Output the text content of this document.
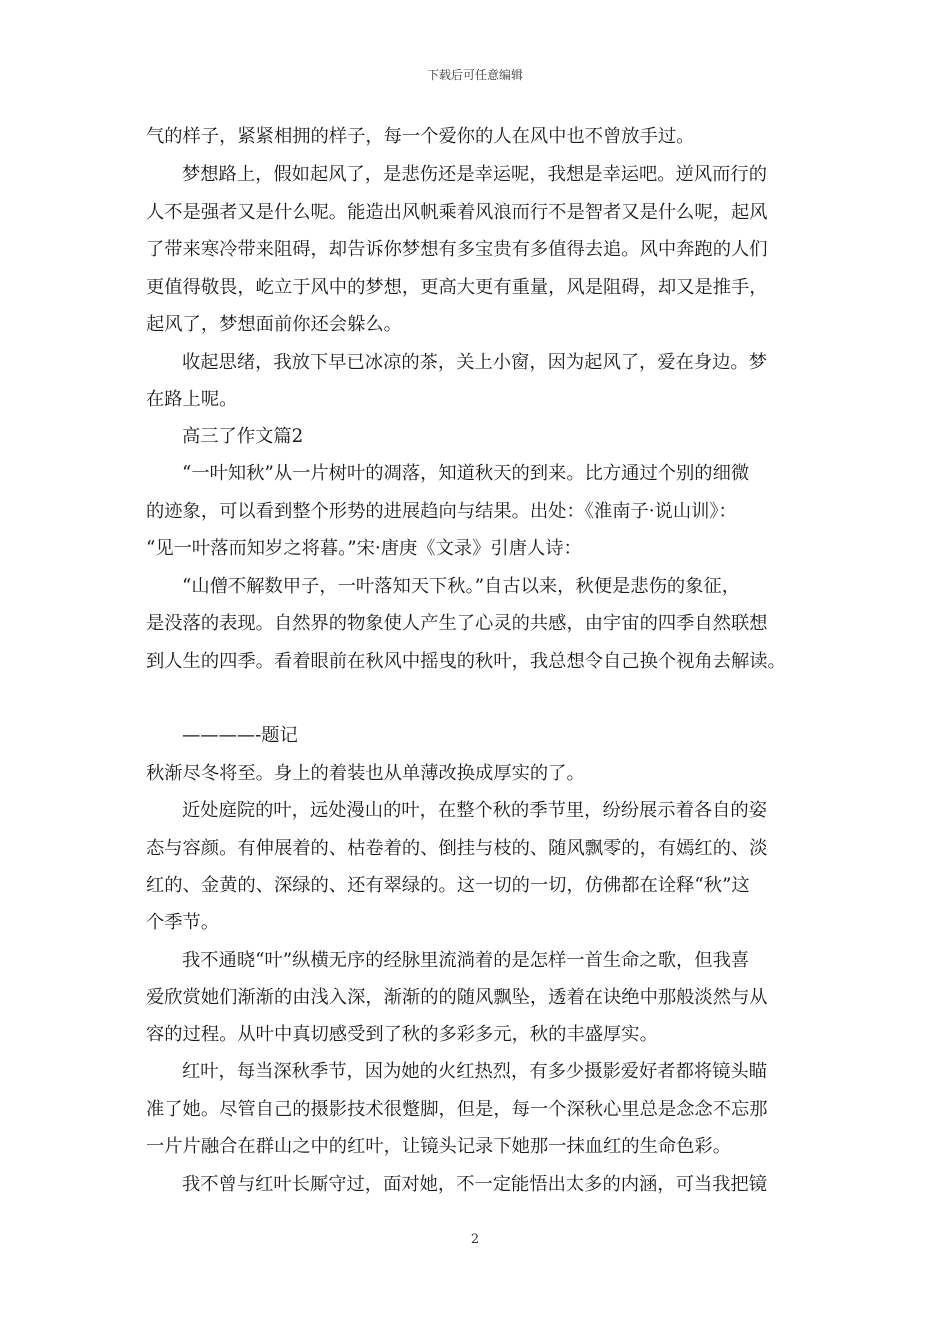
下载后可任意编辑
气的样子，紧紧相拥的样子，每一个爱你的人在风中也不曾放手过。
梦想路上，假如起风了，是悲伤还是幸运呢，我想是幸运吧。逆风而行的
人不是强者又是什么呢。能造出风帆乘着风浪而行不是智者又是什么呢，起风
了带来寒冷带来阻碍，却告诉你梦想有多宝贵有多值得去追。风中奔跑的人们
更值得敬畏，屹立于风中的梦想，更高大更有重量，风是阻碍，却又是推手，
起风了，梦想面前你还会躲么。
收起思绪，我放下早已冰凉的茶，关上小窗，因为起风了，爱在身边。梦
在路上呢。
高三了作文篇2
“一叶知秋”从一片树叶的凋落，知道秋天的到来。比方通过个别的细微
的迹象，可以看到整个形势的进展趋向与结果。出处：《淮南子·说山训》：
“见一叶落而知岁之将暮。”宋·唐庚《文录》引唐人诗：
“山僧不解数甲子，一叶落知天下秋。”自古以来，秋便是悲伤的象征，
是没落的表现。自然界的物象使人产生了心灵的共感，由宇宙的四季自然联想
到人生的四季。看着眼前在秋风中摇曳的秋叶，我总想令自己换个视角去解读。
————-题记
秋渐尽冬将至。身上的着装也从单薄改换成厚实的了。
近处庭院的叶，远处漫山的叶，在整个秋的季节里，纷纷展示着各自的姿
态与容颜。有伸展着的、枯卷着的、倒挂与枝的、随风飘零的，有嫣红的、淡
红的、金黄的、深绿的、还有翠绿的。这一切的一切，仿佛都在诠释“秋”这
个季节。
我不通晓“叶”纵横无序的经脉里流淌着的是怎样一首生命之歌，但我喜
爱欣赏她们渐渐的由浅入深，渐渐的的随风飘坠，透着在诀绝中那般淡然与从
容的过程。从叶中真切感受到了秋的多彩多元，秋的丰盛厚实。
红叶，每当深秋季节，因为她的火红热烈，有多少摄影爱好者都将镜头瞄
准了她。尽管自己的摄影技术很蹩脚，但是，每一个深秋心里总是念念不忘那
一片片融合在群山之中的红叶，让镜头记录下她那一抹血红的生命色彩。
我不曾与红叶长厮守过，面对她，不一定能悟出太多的内涵，可当我把镜
2
